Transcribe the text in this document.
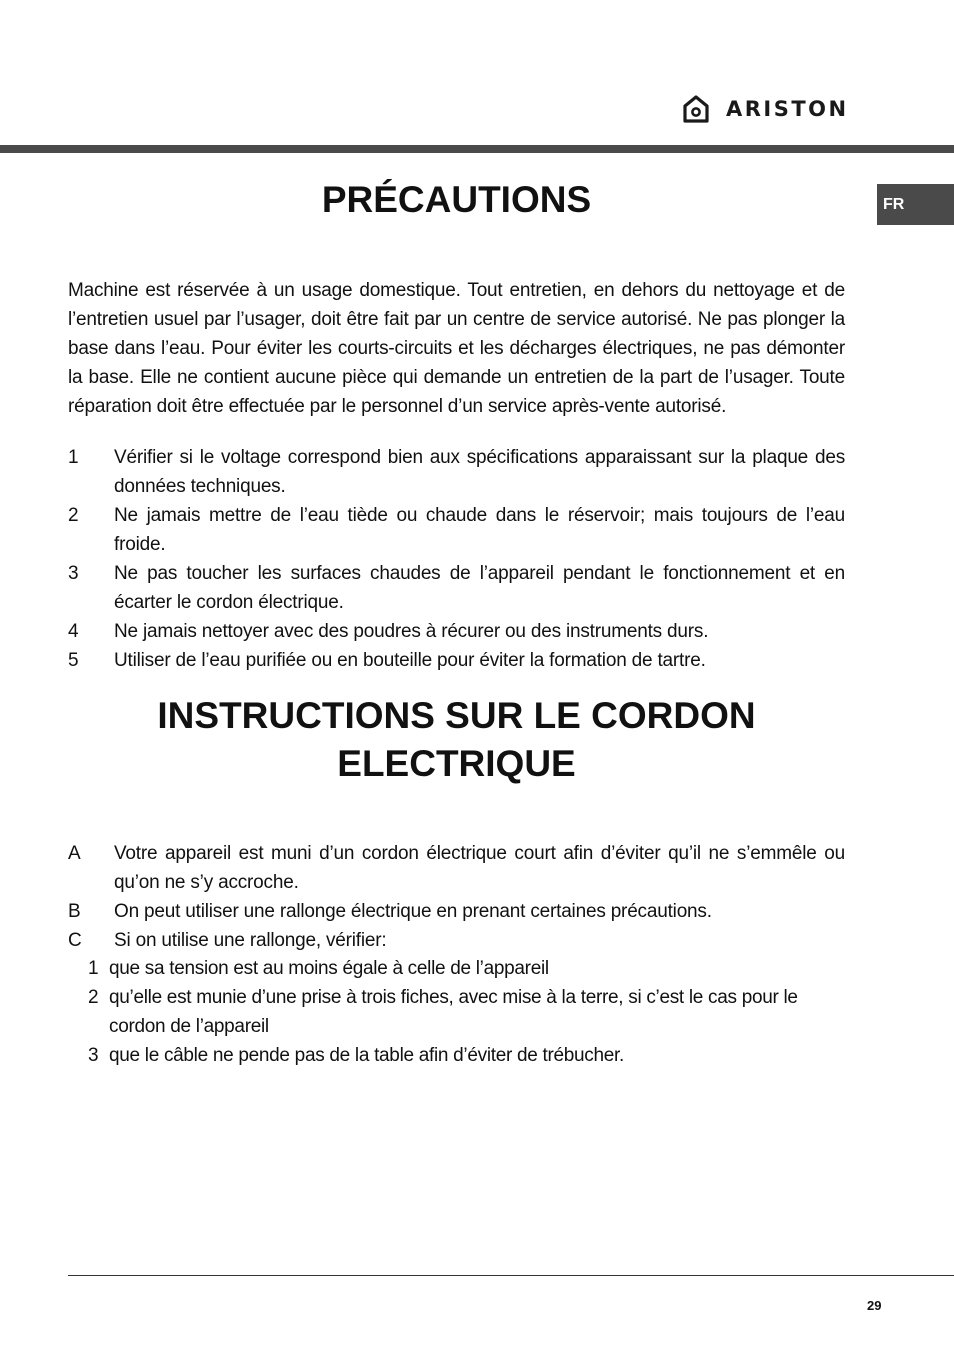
ARISTON
FR
PRÉCAUTIONS

Machine est réservée à un usage domestique. Tout entretien, en dehors du nettoyage et de l’entretien usuel par l’usager, doit être fait par un centre de service autorisé. Ne pas plonger la base dans l’eau. Pour éviter les courts-circuits et les décharges électriques, ne pas démonter la base. Elle ne contient aucune pièce qui demande un entretien de la part de l’usager. Toute réparation doit être effectuée par le personnel d’un service après-vente autorisé.

1	Vérifier si le voltage correspond bien aux spécifications apparaissant sur la plaque des données techniques.
2	Ne jamais mettre de l’eau tiède ou chaude dans le réservoir; mais toujours de l’eau froide.
3	Ne pas toucher les surfaces chaudes de l’appareil pendant le fonctionnement et en écarter le cordon électrique.
4	Ne jamais nettoyer avec des poudres à récurer ou des instruments durs.
5	Utiliser de l’eau purifiée ou en bouteille pour éviter la formation de tartre.
INSTRUCTIONS SUR LE CORDON
ELECTRIQUE
A	Votre appareil est muni d’un cordon électrique court afin d’éviter qu’il ne s’emmêle ou qu’on ne s’y accroche.
B	On peut utiliser une rallonge électrique en prenant certaines précautions.
C	Si on utilise une rallonge, vérifier:
1 que sa tension est au moins égale à celle de l’appareil
2 qu’elle est munie d’une prise à trois fiches, avec mise à la terre, si c’est le cas pour le cordon de l’appareil
3 que le câble ne pende pas de la table afin d’éviter de trébucher.
29
